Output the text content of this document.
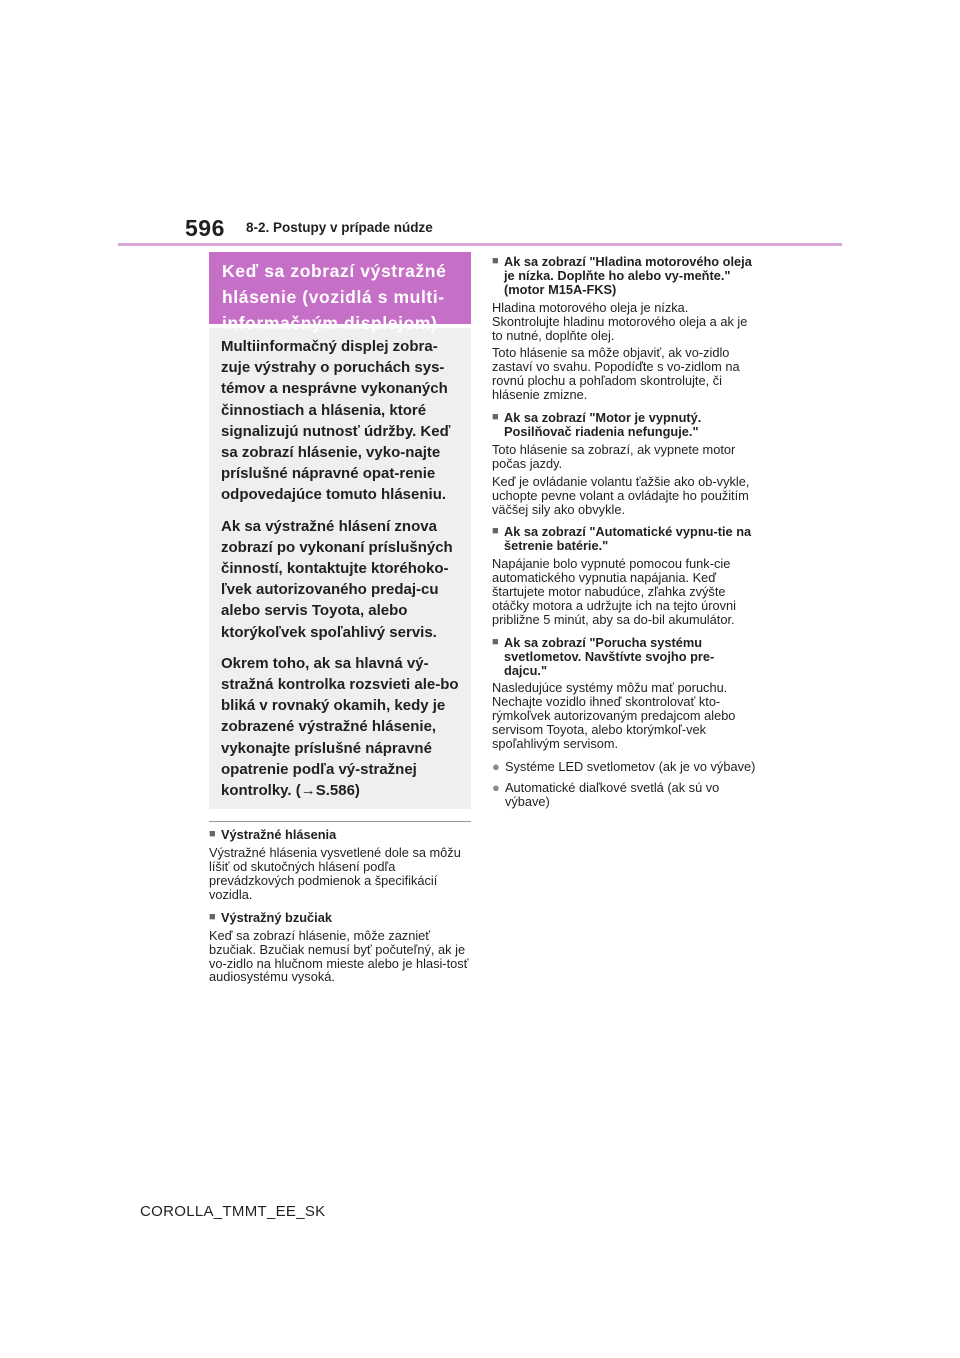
596 8-2. Postupy v prípade núdze
Keď sa zobrazí výstražné hlásenie (vozidlá s multi-informačným displejom)

Multiinformačný displej zobra-zuje výstrahy o poruchách sys-témov a nesprávne vykonaných činnostiach a hlásenia, ktoré signalizujú nutnosť údržby. Keď sa zobrazí hlásenie, vyko-najte príslušné nápravné opat-renie odpovedajúce tomuto hláseniu.

Ak sa výstražné hlásení znova zobrazí po vykonaní príslušných činností, kontaktujte ktoréhoko-ľvek autorizovaného predaj-cu alebo servis Toyota, alebo ktorýkoľvek spoľahlivý servis.

Okrem toho, ak sa hlavná vý-stražná kontrolka rozsvieti ale-bo bliká v rovnaký okamih, kedy je zobrazené výstražné hlásenie, vykonajte príslušné nápravné opatrenie podľa vý-stražnej kontrolky. (→S.586)

■ Výstražné hlásenia
Výstražné hlásenia vysvetlené dole sa môžu líšiť od skutočných hlásení podľa prevádzkových podmienok a špecifikácií vozidla.
■ Výstražný bzučiak
Keď sa zobrazí hlásenie, môže zaznieť bzučiak. Bzučiak nemusí byť počuteľný, ak je vo-zidlo na hlučnom mieste alebo je hlasi-tosť audiosystému vysoká.
■ Ak sa zobrazí "Hladina motorového oleja je nízka. Doplňte ho alebo vy-meňte." (motor M15A-FKS)
Hladina motorového oleja je nízka. Skontrolujte hladinu motorového oleja a ak je to nutné, doplňte olej.
Toto hlásenie sa môže objaviť, ak vo-zidlo zastaví vo svahu. Popodíďte s vo-zidlom na rovnú plochu a pohľadom skontrolujte, či hlásenie zmizne.
■ Ak sa zobrazí "Motor je vypnutý. Posilňovač riadenia nefunguje."
Toto hlásenie sa zobrazí, ak vypnete motor počas jazdy.
Keď je ovládanie volantu ťažšie ako ob-vykle, uchopte pevne volant a ovládajte ho použitím väčšej sily ako obvykle.
■ Ak sa zobrazí "Automatické vypnu-tie na šetrenie batérie."
Napájanie bolo vypnuté pomocou funk-cie automatického vypnutia napájania. Keď štartujete motor nabudúce, zľahka zvýšte otáčky motora a udržujte ich na tejto úrovni približne 5 minút, aby sa do-bil akumulátor.
■ Ak sa zobrazí "Porucha systému svetlometov. Navštívte svojho pre-dajcu."
Nasledujúce systémy môžu mať poruchu. Nechajte vozidlo ihneď skontrolovať kto-rýmkoľvek autorizovaným predajcom alebo servisom Toyota, alebo ktorýmkoľ-vek spoľahlivým servisom.
● Systéme LED svetlometov (ak je vo výbave)
● Automatické diaľkové svetlá (ak sú vo výbave)
COROLLA_TMMT_EE_SK
